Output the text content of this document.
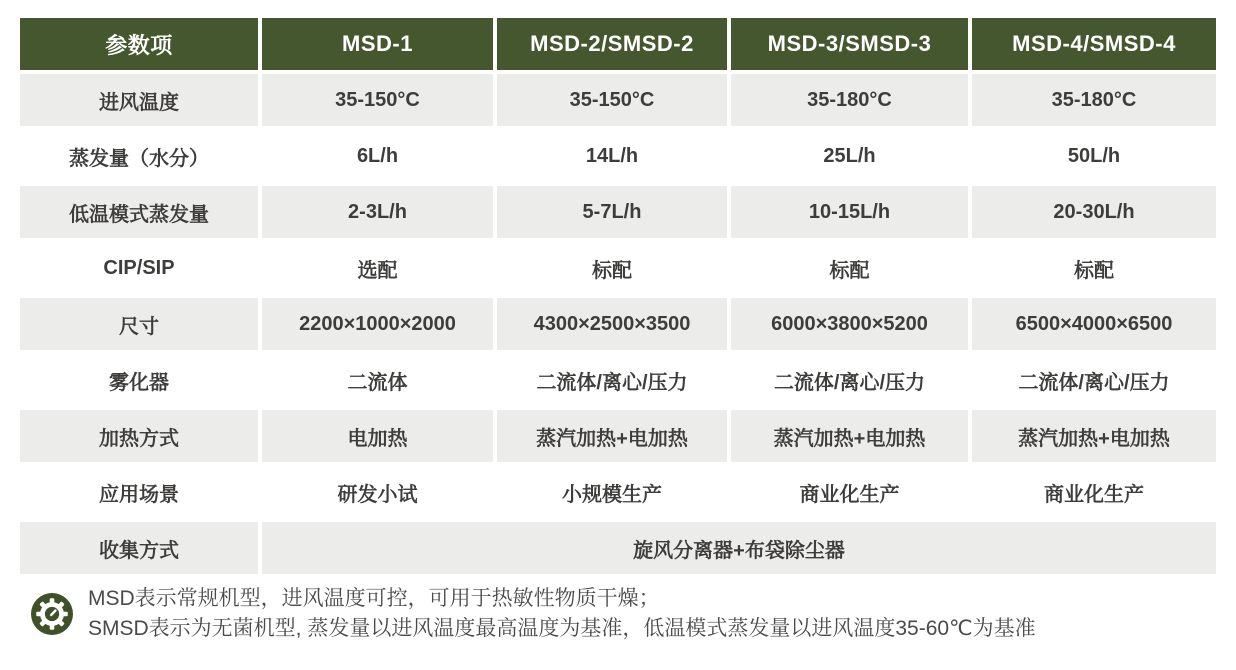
参数项	MSD-1	MSD-2/SMSD-2	MSD-3/SMSD-3	MSD-4/SMSD-4
进风温度	35-150°C	35-150°C	35-180°C	35-180°C
蒸发量（水分）	6L/h	14L/h	25L/h	50L/h
低温模式蒸发量	2-3L/h	5-7L/h	10-15L/h	20-30L/h
CIP/SIP	选配	标配	标配	标配
尺寸	2200×1000×2000	4300×2500×3500	6000×3800×5200	6500×4000×6500
雾化器	二流体	二流体/离心/压力	二流体/离心/压力	二流体/离心/压力
加热方式	电加热	蒸汽加热+电加热	蒸汽加热+电加热	蒸汽加热+电加热
应用场景	研发小试	小规模生产	商业化生产	商业化生产
收集方式	旋风分离器+布袋除尘器			
MSD表示常规机型，进风温度可控，可用于热敏性物质干燥；
SMSD表示为无菌机型, 蒸发量以进风温度最高温度为基准，低温模式蒸发量以进风温度35-60℃为基准
